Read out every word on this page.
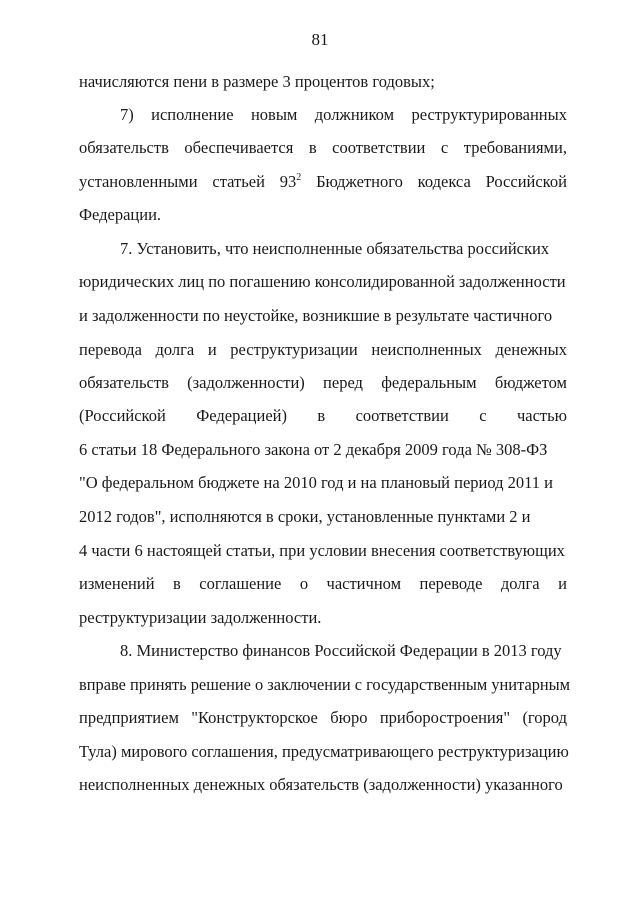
81
начисляются пени в размере 3 процентов годовых;
7) исполнение новым должником реструктурированных
обязательств обеспечивается в соответствии с требованиями,
установленными статьей $93^2$ Бюджетного кодекса Российской
Федерации.
7. Установить, что неисполненные обязательства российских
юридических лиц по погашению консолидированной задолженности
и задолженности по неустойке, возникшие в результате частичного
перевода долга и реструктуризации неисполненных денежных
обязательств (задолженности) перед федеральным бюджетом
(Российской Федерацией) в соответствии с частью
6 статьи 18 Федерального закона от 2 декабря 2009 года № 308-ФЗ
"О федеральном бюджете на 2010 год и на плановый период 2011 и
2012 годов", исполняются в сроки, установленные пунктами 2 и
4 части 6 настоящей статьи, при условии внесения соответствующих
изменений в соглашение о частичном переводе долга и
реструктуризации задолженности.
8. Министерство финансов Российской Федерации в 2013 году
вправе принять решение о заключении с государственным унитарным
предприятием "Конструкторское бюро приборостроения" (город
Тула) мирового соглашения, предусматривающего реструктуризацию
неисполненных денежных обязательств (задолженности) указанного
